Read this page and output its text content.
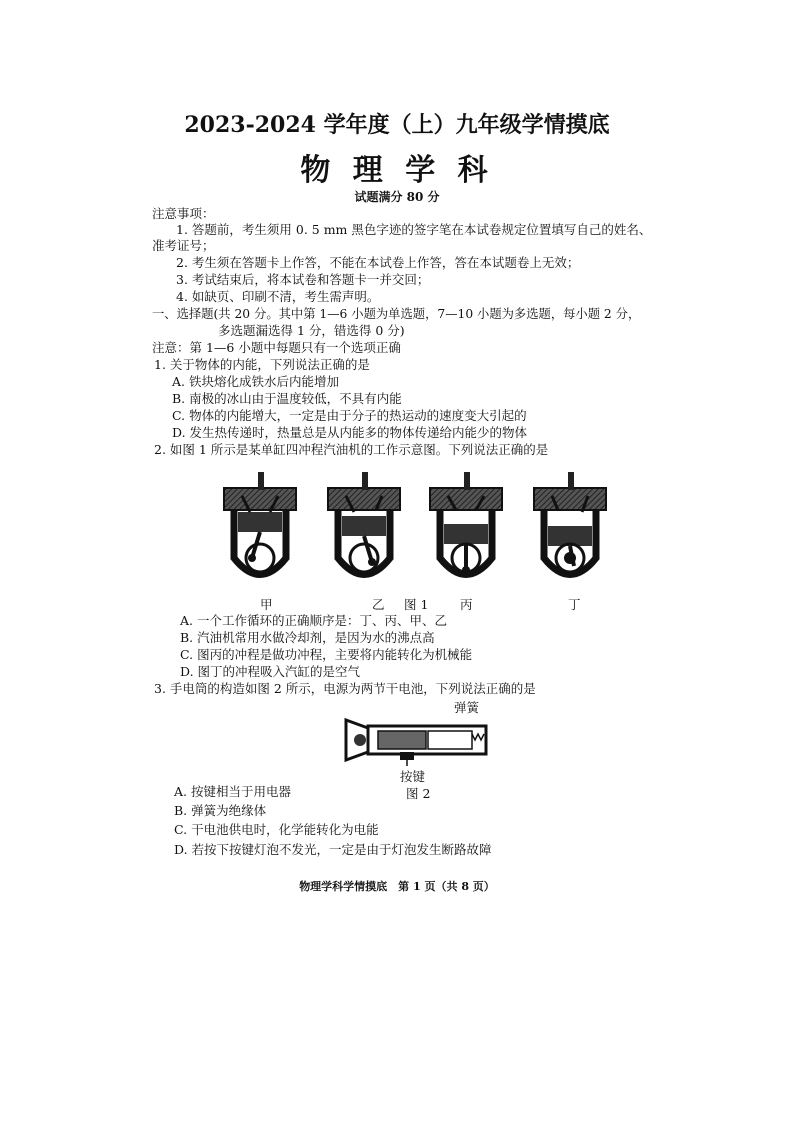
2023-2024 学年度（上）九年级学情摸底
物 理 学 科
试题满分 80 分
注意事项：
1. 答题前，考生须用 0. 5 mm 黑色字迹的签字笔在本试卷规定位置填写自己的姓名、
准考证号；
2. 考生须在答题卡上作答，不能在本试卷上作答，答在本试题卷上无效；
3. 考试结束后，将本试卷和答题卡一并交回；
4. 如缺页、印刷不清，考生需声明。
一、选择题(共 20 分。其中第 1—6 小题为单选题，7—10 小题为多选题，每小题 2 分，
多选题漏选得 1 分，错选得 0 分)
注意：第 1—6 小题中每题只有一个选项正确
1. 关于物体的内能，下列说法正确的是
A. 铁块熔化成铁水后内能增加
B. 南极的冰山由于温度较低，不具有内能
C. 物体的内能增大，一定是由于分子的热运动的速度变大引起的
D. 发生热传递时，热量总是从内能多的物体传递给内能少的物体
2. 如图 1 所示是某单缸四冲程汽油机的工作示意图。下列说法正确的是
甲	乙 图 1	丙	丁
A. 一个工作循环的正确顺序是：丁、丙、甲、乙
B. 汽油机常用水做冷却剂，是因为水的沸点高
C. 图丙的冲程是做功冲程，主要将内能转化为机械能
D. 图丁的冲程吸入汽缸的是空气
3. 手电筒的构造如图 2 所示，电源为两节干电池，下列说法正确的是
弹簧
按键
图 2
A. 按键相当于用电器
B. 弹簧为绝缘体
C. 干电池供电时，化学能转化为电能
D. 若按下按键灯泡不发光，一定是由于灯泡发生断路故障
物理学科学情摸底　第 1 页（共 8 页）
